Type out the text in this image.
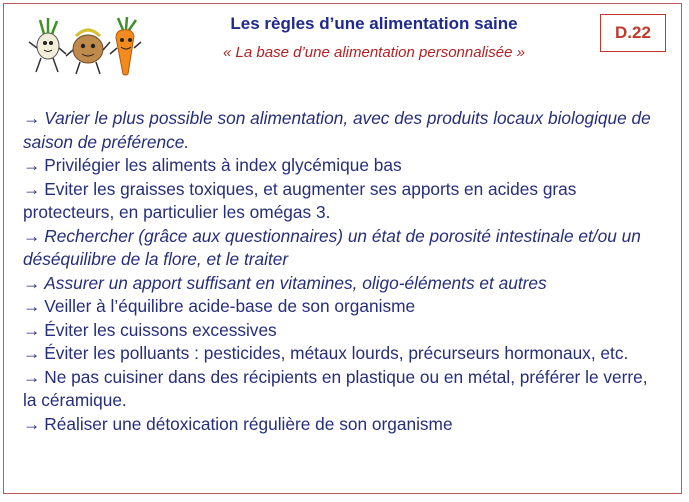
Les règles d’une alimentation saine
« La base d’une alimentation personnalisée »
D.22
→ Varier le plus possible son alimentation, avec des produits locaux biologique de saison de préférence.
→ Privilégier les aliments à index glycémique bas
→ Eviter les graisses toxiques, et augmenter ses apports en acides gras protecteurs, en particulier les omégas 3.
→ Rechercher (grâce aux questionnaires) un état de porosité intestinale et/ou un déséquilibre de la flore, et le traiter
→ Assurer un apport suffisant en vitamines, oligo-éléments et autres
→ Veiller à l’équilibre acide-base de son organisme
→ Éviter les cuissons excessives
→ Éviter les polluants : pesticides, métaux lourds, précurseurs hormonaux, etc.
→ Ne pas cuisiner dans des récipients en plastique ou en métal, préférer le verre, la céramique.
→ Réaliser une détoxication régulière de son organisme
